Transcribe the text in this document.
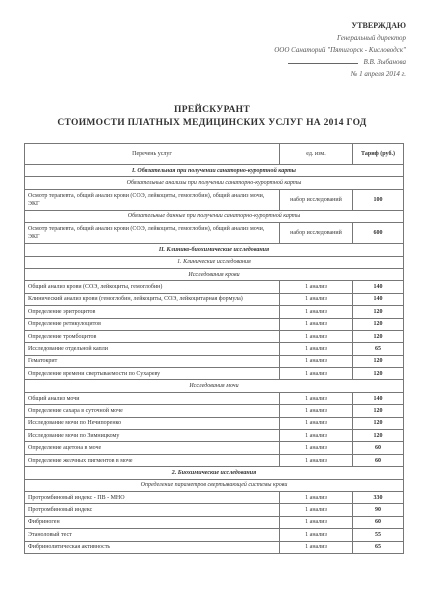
УТВЕРЖДАЮ
Генеральный директор
ООО Санаторий "Пятигорск - Кисловодск"
В.В. Зыбанова
№ 1 апреля 2014 г.
ПРЕЙСКУРАНТ
СТОИМОСТИ ПЛАТНЫХ МЕДИЦИНСКИХ УСЛУГ НА 2014 ГОД
Перечень услуг	ед. изм.	Тариф (руб.)
I. Обязательная при получении санаторно-курортной карты		
Обязательные анализы при получении санаторно-курортной карты		
Осмотр терапевта, общий анализ крови (СОЭ, лейкоциты, гемоглобин), общий анализ мочи, ЭКГ	набор исследований	100
Обязательные данные при получении санаторно-курортной карты		
Осмотр терапевта, общий анализ крови (СОЭ, лейкоциты, гемоглобин), общий анализ мочи, ЭКГ	набор исследований	600
II. Клинико-биохимические исследования		
1. Клинические исследования		
Исследования крови		
Общий анализ крови (СОЭ, лейкоциты, гемоглобин)	1 анализ	140
Клинический анализ крови (гемоглобин, лейкоциты, СОЭ, лейкоцитарная формула)	1 анализ	140
Определение эритроцитов	1 анализ	120
Определение ретикулоцитов	1 анализ	120
Определение тромбоцитов	1 анализ	120
Исследование отдельной капли	1 анализ	65
Гематокрит	1 анализ	120
Определение времени свертываемости по Сухареву	1 анализ	120
Исследования мочи		
Общий анализ мочи	1 анализ	140
Определение сахара в суточной моче	1 анализ	120
Исследование мочи по Нечипоренко	1 анализ	120
Исследование мочи по Зимницкому	1 анализ	120
Определение ацетона в моче	1 анализ	60
Определение желчных пигментов в моче	1 анализ	60
2. Биохимические исследования		
Определение параметров свертывающей системы крови		
Протромбиновый индекс - ПВ - МНО	1 анализ	330
Протромбиновый индекс	1 анализ	90
Фибриноген	1 анализ	60
Этаноловый тест	1 анализ	55
Фибринолитическая активность	1 анализ	65
